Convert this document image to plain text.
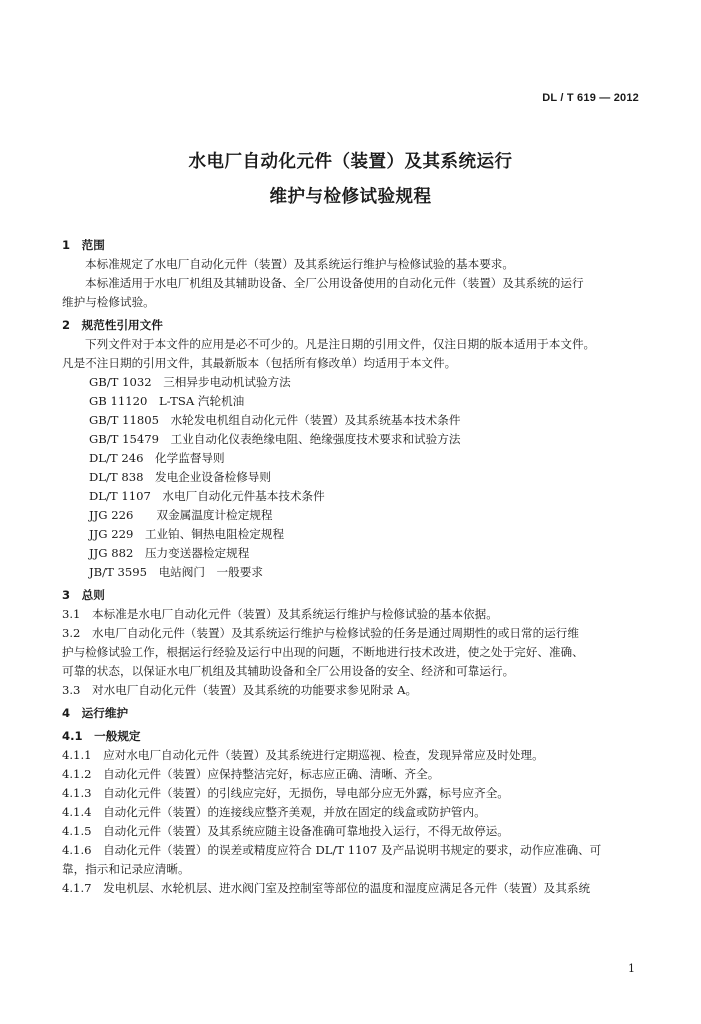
DL / T 619 — 2012
水电厂自动化元件（装置）及其系统运行
维护与检修试验规程
1　范围
本标准规定了水电厂自动化元件（装置）及其系统运行维护与检修试验的基本要求。
本标准适用于水电厂机组及其辅助设备、全厂公用设备使用的自动化元件（装置）及其系统的运行
维护与检修试验。
2　规范性引用文件
下列文件对于本文件的应用是必不可少的。凡是注日期的引用文件，仅注日期的版本适用于本文件。
凡是不注日期的引用文件，其最新版本（包括所有修改单）均适用于本文件。
GB/T 1032　三相异步电动机试验方法
GB 11120　L-TSA 汽轮机油
GB/T 11805　水轮发电机组自动化元件（装置）及其系统基本技术条件
GB/T 15479　工业自动化仪表绝缘电阻、绝缘强度技术要求和试验方法
DL/T 246　化学监督导则
DL/T 838　发电企业设备检修导则
DL/T 1107　水电厂自动化元件基本技术条件
JJG 226　　双金属温度计检定规程
JJG 229　工业铂、铜热电阻检定规程
JJG 882　压力变送器检定规程
JB/T 3595　电站阀门　一般要求
3　总则
3.1　本标准是水电厂自动化元件（装置）及其系统运行维护与检修试验的基本依据。
3.2　水电厂自动化元件（装置）及其系统运行维护与检修试验的任务是通过周期性的或日常的运行维
护与检修试验工作，根据运行经验及运行中出现的问题，不断地进行技术改进，使之处于完好、准确、
可靠的状态，以保证水电厂机组及其辅助设备和全厂公用设备的安全、经济和可靠运行。
3.3　对水电厂自动化元件（装置）及其系统的功能要求参见附录 A。
4　运行维护
4.1　一般规定
4.1.1　应对水电厂自动化元件（装置）及其系统进行定期巡视、检查，发现异常应及时处理。
4.1.2　自动化元件（装置）应保持整洁完好，标志应正确、清晰、齐全。
4.1.3　自动化元件（装置）的引线应完好，无损伤，导电部分应无外露，标号应齐全。
4.1.4　自动化元件（装置）的连接线应整齐美观，并放在固定的线盒或防护管内。
4.1.5　自动化元件（装置）及其系统应随主设备准确可靠地投入运行，不得无故停运。
4.1.6　自动化元件（装置）的误差或精度应符合 DL/T 1107 及产品说明书规定的要求，动作应准确、可
靠，指示和记录应清晰。
4.1.7　发电机层、水轮机层、进水阀门室及控制室等部位的温度和湿度应满足各元件（装置）及其系统
1
